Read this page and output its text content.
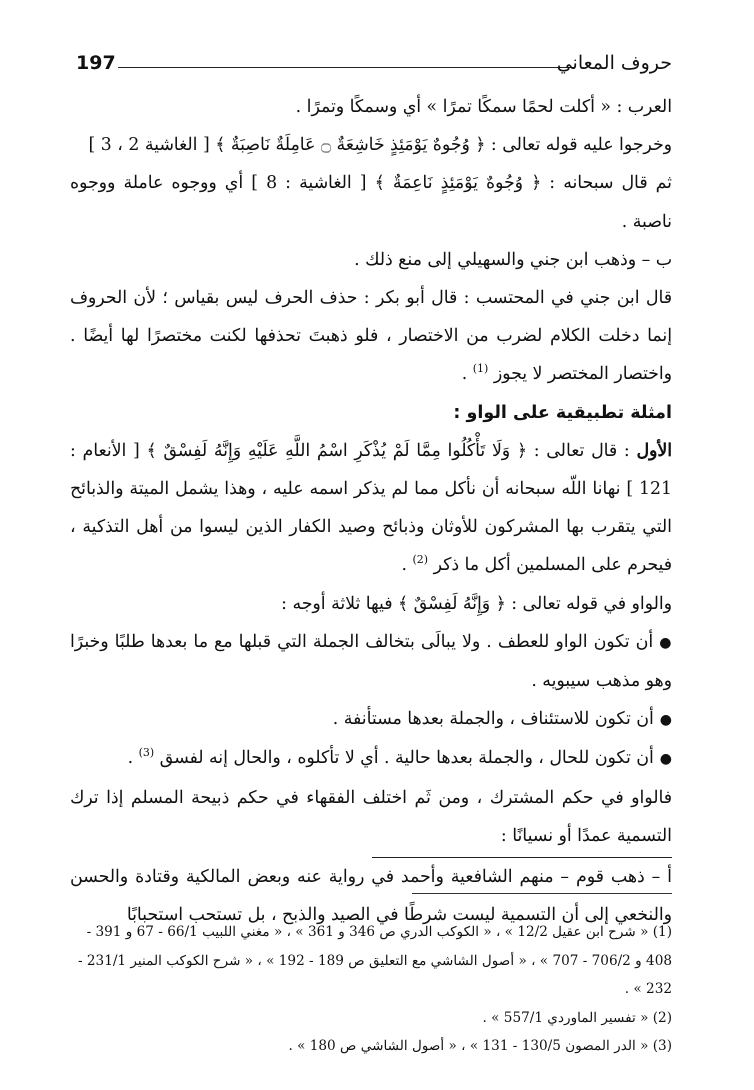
197	حروف المعاني

العرب : « أكلت لحمًا سمكًا تمرًا » أي وسمكًا وتمرًا .

وخرجوا عليه قوله تعالى : ﴿ وُجُوهٌ يَوْمَئِذٍ خَاشِعَةٌ ۝ عَامِلَةٌ نَاصِبَةٌ ﴾ [ الغاشية 2 ، 3 ]

ثم قال سبحانه : ﴿ وُجُوهٌ يَوْمَئِذٍ نَاعِمَةٌ ﴾ [ الغاشية : 8 ] أي ووجوه عاملة ووجوه ناصبة .

ب – وذهب ابن جني والسهيلي إلى منع ذلك .

قال ابن جني في المحتسب : قال أبو بكر : حذف الحرف ليس بقياس ؛ لأن الحروف إنما دخلت الكلام لضرب من الاختصار ، فلو ذهبتَ تحذفها لكنت مختصرًا لها أيضًا . واختصار المختصر لا يجوز $^{(1)}$ .

امثلة تطبيقية على الواو :

الأول : قال تعالى : ﴿ وَلَا تَأْكُلُوا مِمَّا لَمْ يُذْكَرِ اسْمُ اللَّهِ عَلَيْهِ وَإِنَّهُ لَفِسْقٌ ﴾ [ الأنعام : 121 ] نهانا اللّه سبحانه أن نأكل مما لم يذكر اسمه عليه ، وهذا يشمل الميتة والذبائح التي يتقرب بها المشركون للأوثان وذبائح وصيد الكفار الذين ليسوا من أهل التذكية ، فيحرم على المسلمين أكل ما ذكر $^{(2)}$ .

والواو في قوله تعالى : ﴿ وَإِنَّهُ لَفِسْقٌ ﴾ فيها ثلاثة أوجه :

●أن تكون الواو للعطف . ولا يبالَى بتخالف الجملة التي قبلها مع ما بعدها طلبًا وخبرًا وهو مذهب سيبويه .

●أن تكون للاستئناف ، والجملة بعدها مستأنفة .

●أن تكون للحال ، والجملة بعدها حالية . أي لا تأكلوه ، والحال إنه لفسق $^{(3)}$ .

فالواو في حكم المشترك ، ومن ثَم اختلف الفقهاء في حكم ذبيحة المسلم إذا ترك التسمية عمدًا أو نسيانًا :

أ – ذهب قوم – منهم الشافعية وأحمد في رواية عنه وبعض المالكية وقتادة والحسن والنخعي إلى أن التسمية ليست شرطًا في الصيد والذبح ، بل تستحب استحبابًا

(1) « شرح ابن عقيل 12/2 » ، « الكوكب الدري ص 346 و 361 » ، « مغني اللبيب 66/1 - 67 و 391 - 408 و 706/2 - 707 » ، « أصول الشاشي مع التعليق ص 189 - 192 » ، « شرح الكوكب المنير 231/1 - 232 » .

(2) « تفسير الماوردي 557/1 » .

(3) « الدر المصون 130/5 - 131 » ، « أصول الشاشي ص 180 » .
